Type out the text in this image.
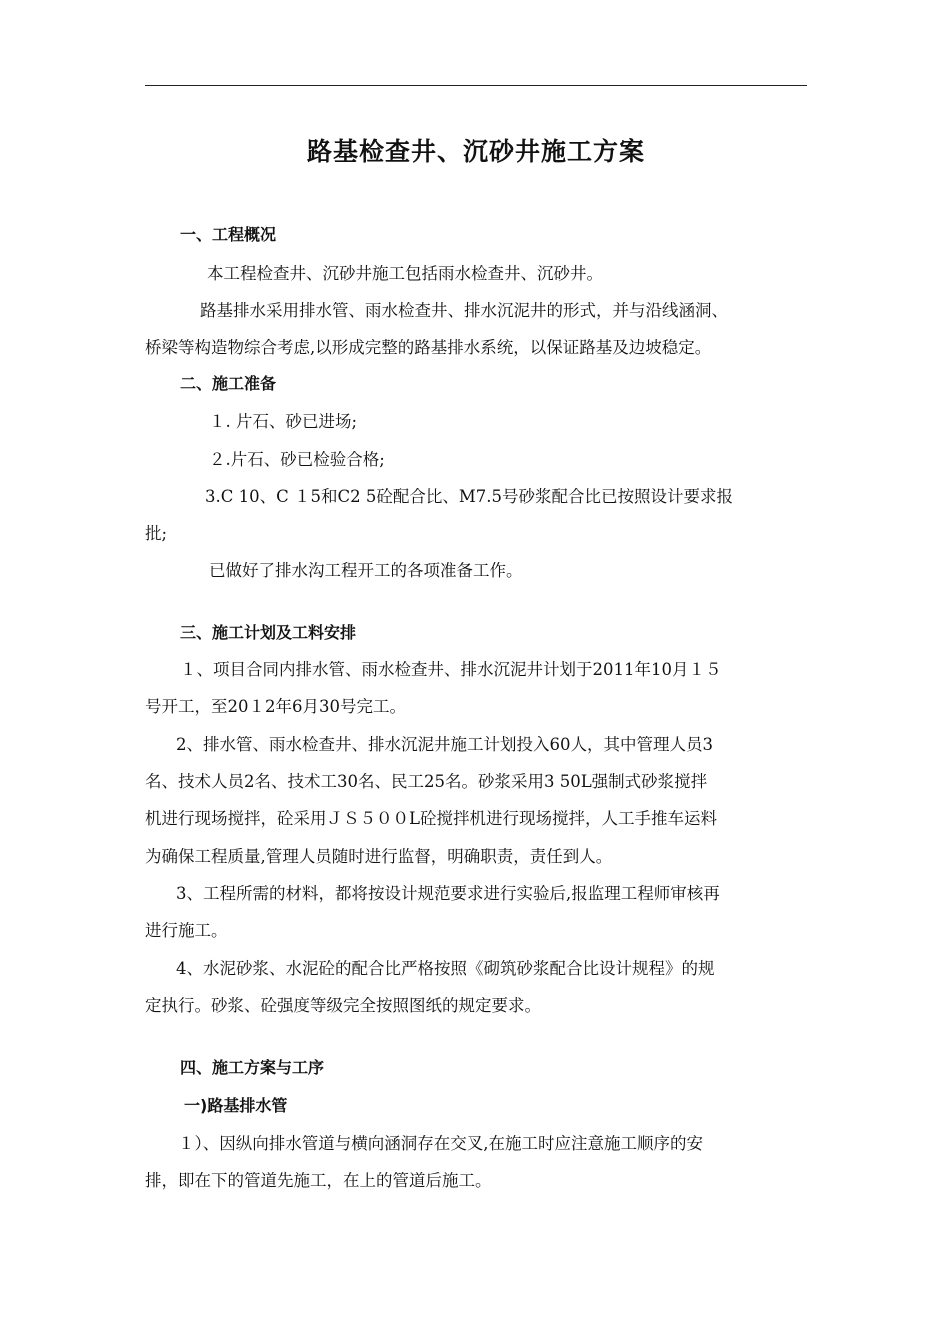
路基检查井、沉砂井施工方案
一、工程概况
本工程检查井、沉砂井施工包括雨水检查井、沉砂井。
路基排水采用排水管、雨水检查井、排水沉泥井的形式，并与沿线涵洞、
桥梁等构造物综合考虑,以形成完整的路基排水系统，以保证路基及边坡稳定。
二、施工准备
１. 片石、砂已进场;
２.片石、砂已检验合格;
3.C 10、C １5和C2 5砼配合比、M7.5号砂浆配合比已按照设计要求报
批;
已做好了排水沟工程开工的各项准备工作。
三、施工计划及工料安排
１、项目合同内排水管、雨水检查井、排水沉泥井计划于2011年10月１５
号开工，至20１2年6月30号完工。
2、排水管、雨水检查井、排水沉泥井施工计划投入60人，其中管理人员3
名、技术人员2名、技术工30名、民工25名。砂浆采用3 50L强制式砂浆搅拌
机进行现场搅拌，砼采用ＪＳ５００L砼搅拌机进行现场搅拌，人工手推车运料
为确保工程质量,管理人员随时进行监督，明确职责，责任到人。
3、工程所需的材料，都将按设计规范要求进行实验后,报监理工程师审核再
进行施工。
4、水泥砂浆、水泥砼的配合比严格按照《砌筑砂浆配合比设计规程》的规
定执行。砂浆、砼强度等级完全按照图纸的规定要求。
四、施工方案与工序
一)路基排水管
１）、因纵向排水管道与横向涵洞存在交叉,在施工时应注意施工顺序的安
排，即在下的管道先施工，在上的管道后施工。
